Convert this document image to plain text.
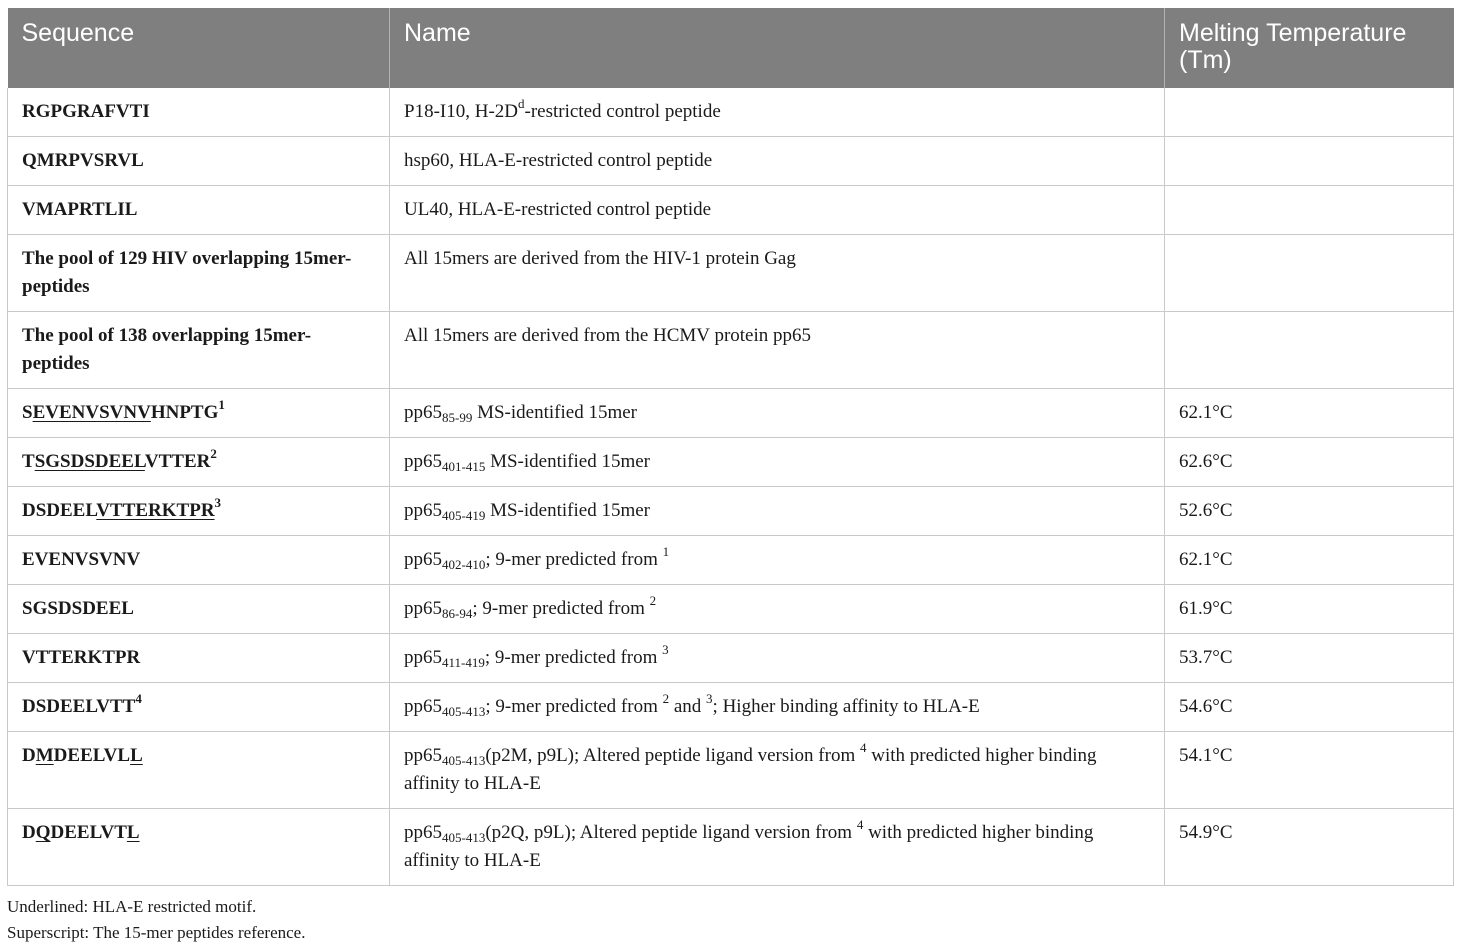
Sequence	Name	Melting Temperature (Tm)
RGPGRAFVTI	P18-I10, $H-2D^d$-restricted control peptide	
QMRPVSRVL	hsp60, HLA-E-restricted control peptide	
VMAPRTLIL	UL40, HLA-E-restricted control peptide	
The pool of 129 HIV overlapping 15mer-peptides	All 15mers are derived from the HIV-1 protein Gag	
The pool of 138 overlapping 15mer-peptides	All 15mers are derived from the HCMV protein pp65	
SEVENVSVNVHNPTG$^1$	$pp65_{85-99}$ MS-identified 15mer	62.1°C
TSGSDSDEELVTTER$^2$	$pp65_{401-415}$ MS-identified 15mer	62.6°C
DSDEELVTTERKTPR$^3$	$pp65_{405-419}$ MS-identified 15mer	52.6°C
EVENVSVNV	$pp65_{402-410}$; 9-mer predicted from $^1$	62.1°C
SGSDSDEEL	$pp65_{86-94}$; 9-mer predicted from $^2$	61.9°C
VTTERKTPR	$pp65_{411-419}$; 9-mer predicted from $^3$	53.7°C
DSDEELVTT$^4$	$pp65_{405-413}$; 9-mer predicted from $^2$ and $^3$; Higher binding affinity to HLA-E	54.6°C
DMDEELVLL	$pp65_{405-413}(p2M$, p9L); Altered peptide ligand version from $^4$ with predicted higher binding affinity to HLA-E	54.1°C
DQDEELVTL	$pp65_{405-413}(p2Q$, p9L); Altered peptide ligand version from $^4$ with predicted higher binding affinity to HLA-E	54.9°C
Underlined: HLA-E restricted motif.
Superscript: The 15-mer peptides reference.
